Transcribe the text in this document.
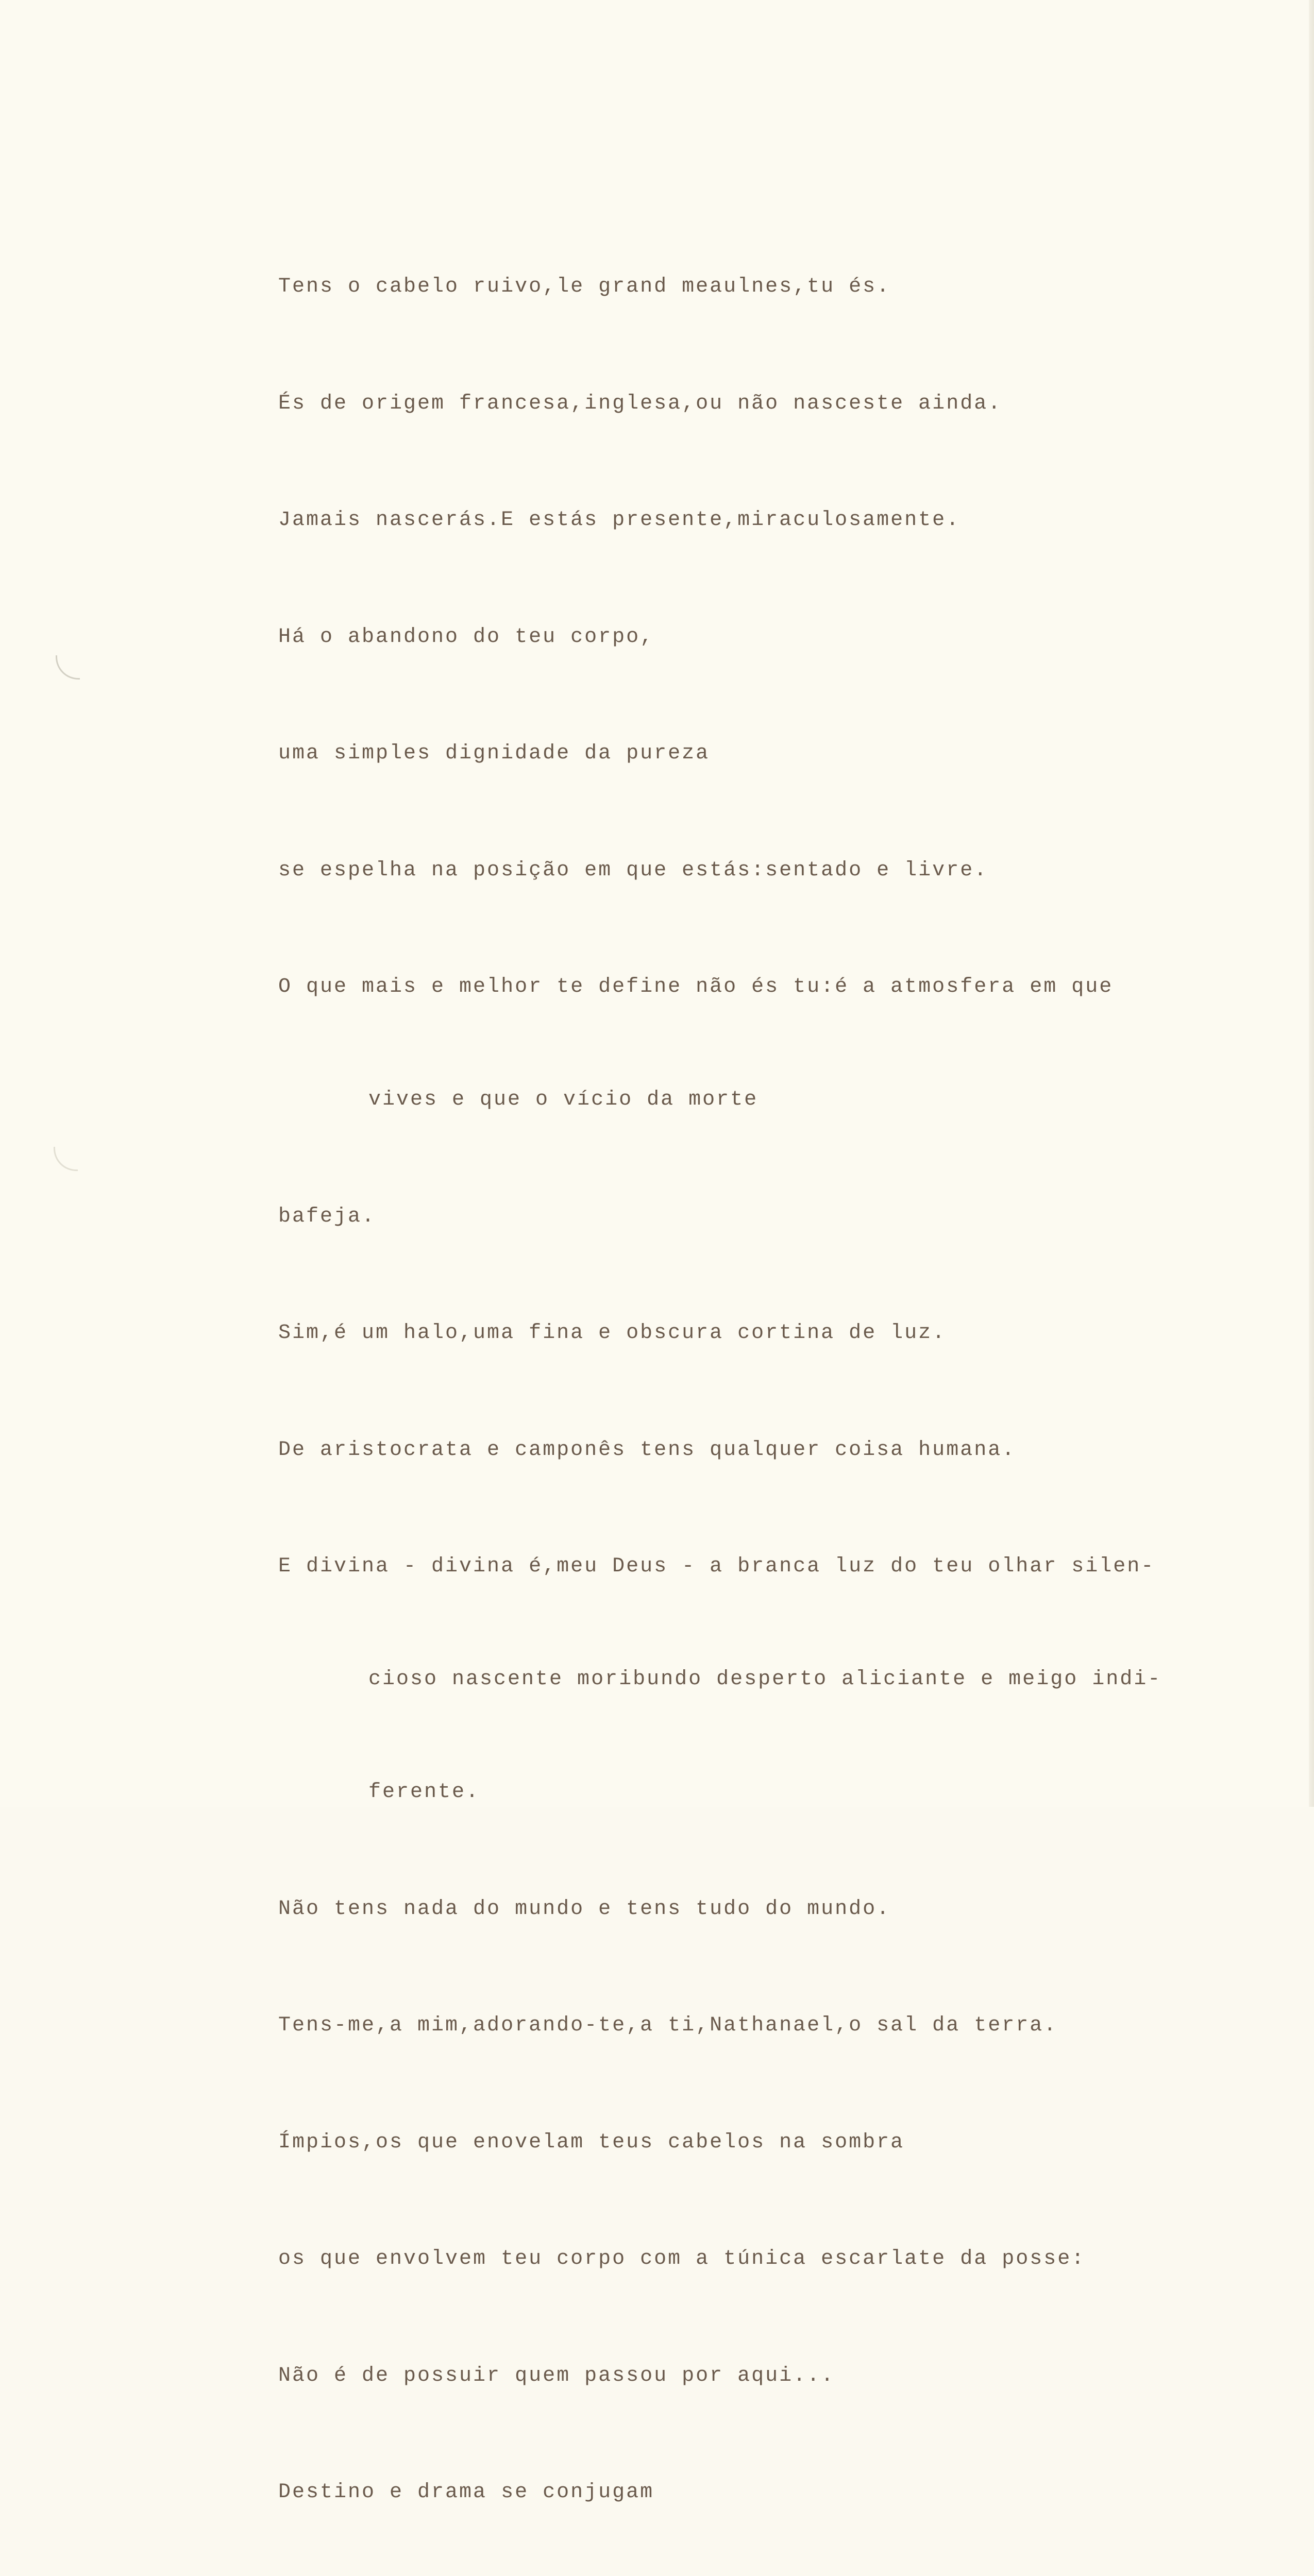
Tens o cabelo ruivo,le grand meaulnes,tu és.

És de origem francesa,inglesa,ou não nasceste ainda.

Jamais nascerás.E estás presente,miraculosamente.

Há o abandono do teu corpo,

uma simples dignidade da pureza

se espelha na posição em que estás:sentado e livre.

O que mais e melhor te define não és tu:é a atmosfera em que

vives e que o vício da morte

bafeja.

Sim,é um halo,uma fina e obscura cortina de luz.

De aristocrata e camponês tens qualquer coisa humana.

E divina - divina é,meu Deus - a branca luz do teu olhar silen-

cioso nascente moribundo desperto aliciante e meigo indi-

ferente.

Não tens nada do mundo e tens tudo do mundo.

Tens-me,a mim,adorando-te,a ti,Nathanael,o sal da terra.

Ímpios,os que enovelam teus cabelos na sombra

os que envolvem teu corpo com a túnica escarlate da posse:

Não é de possuir quem passou por aqui...

Destino e drama se conjugam
